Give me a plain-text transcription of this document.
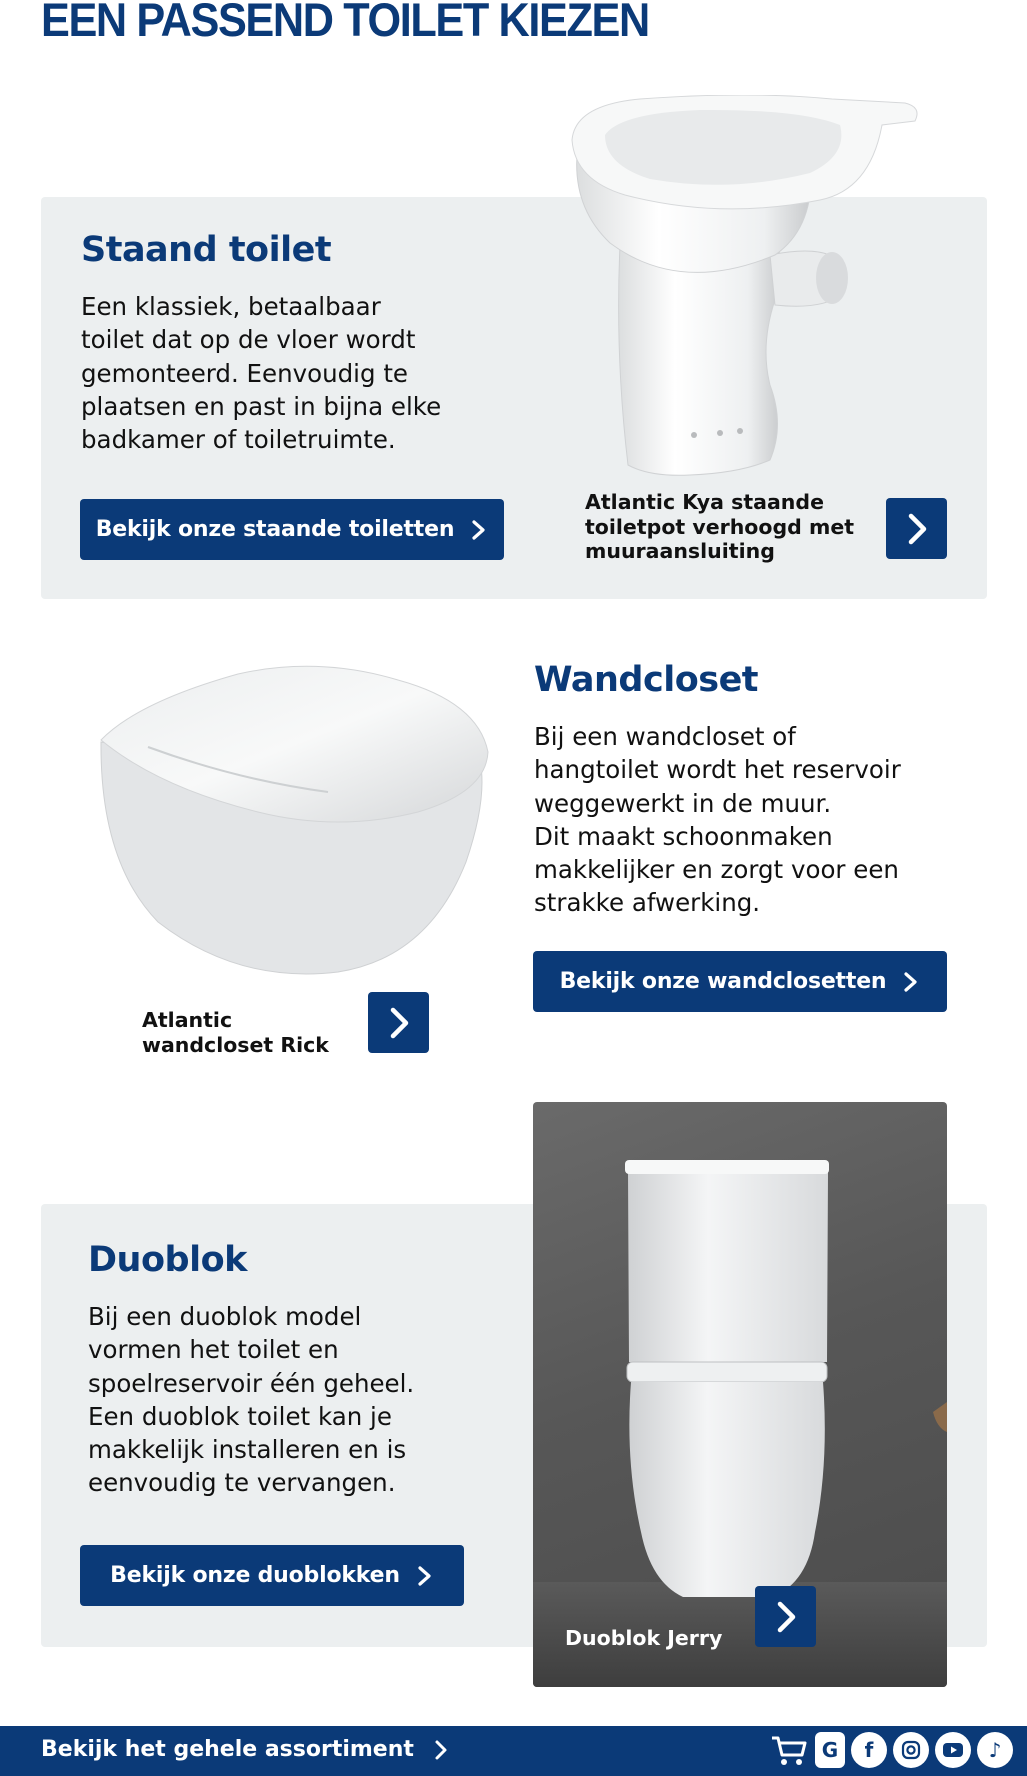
EEN PASSEND TOILET KIEZEN
Staand toilet
Een klassiek, betaalbaar
toilet dat op de vloer wordt
gemonteerd. Eenvoudig te
plaatsen en past in bijna elke
badkamer of toiletruimte.
Bekijk onze staande toiletten
Atlantic Kya staande
toiletpot verhoogd met
muuraansluiting
Atlantic
wandcloset Rick
Wandcloset
Bij een wandcloset of
hangtoilet wordt het reservoir
weggewerkt in de muur.
Dit maakt schoonmaken
makkelijker en zorgt voor een
strakke afwerking.
Bekijk onze wandclosetten
Duoblok
Bij een duoblok model
vormen het toilet en
spoelreservoir één geheel.
Een duoblok toilet kan je
makkelijk installeren en is
eenvoudig te vervangen.
Bekijk onze duoblokken
Duoblok Jerry
Bekijk het gehele assortiment	G	f	♪
